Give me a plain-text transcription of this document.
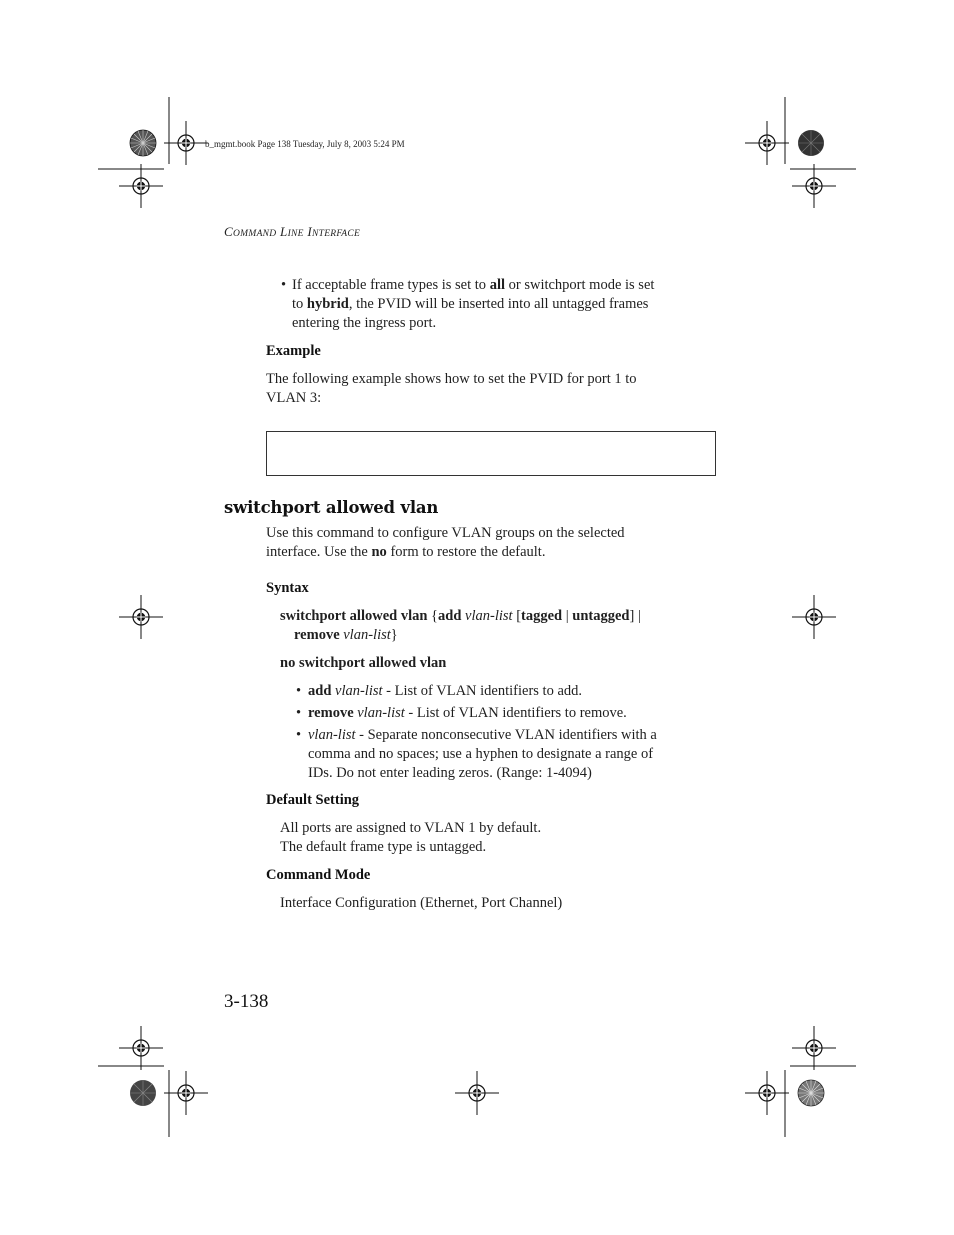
b_mgmt.book Page 138 Tuesday, July 8, 2003 5:24 PM
COMMAND LINE INTERFACE
• If acceptable frame types is set to all or switchport mode is set
to hybrid, the PVID will be inserted into all untagged frames
entering the ingress port.
Example
The following example shows how to set the PVID for port 1 to
VLAN 3:
switchport allowed vlan
Use this command to configure VLAN groups on the selected
interface. Use the no form to restore the default.
Syntax
switchport allowed vlan {add vlan-list [tagged | untagged] |
remove vlan-list}
no switchport allowed vlan
• add vlan-list - List of VLAN identifiers to add.
• remove vlan-list - List of VLAN identifiers to remove.
• vlan-list - Separate nonconsecutive VLAN identifiers with a
comma and no spaces; use a hyphen to designate a range of
IDs. Do not enter leading zeros. (Range: 1-4094)
Default Setting
All ports are assigned to VLAN 1 by default.
The default frame type is untagged.
Command Mode
Interface Configuration (Ethernet, Port Channel)
3-138
